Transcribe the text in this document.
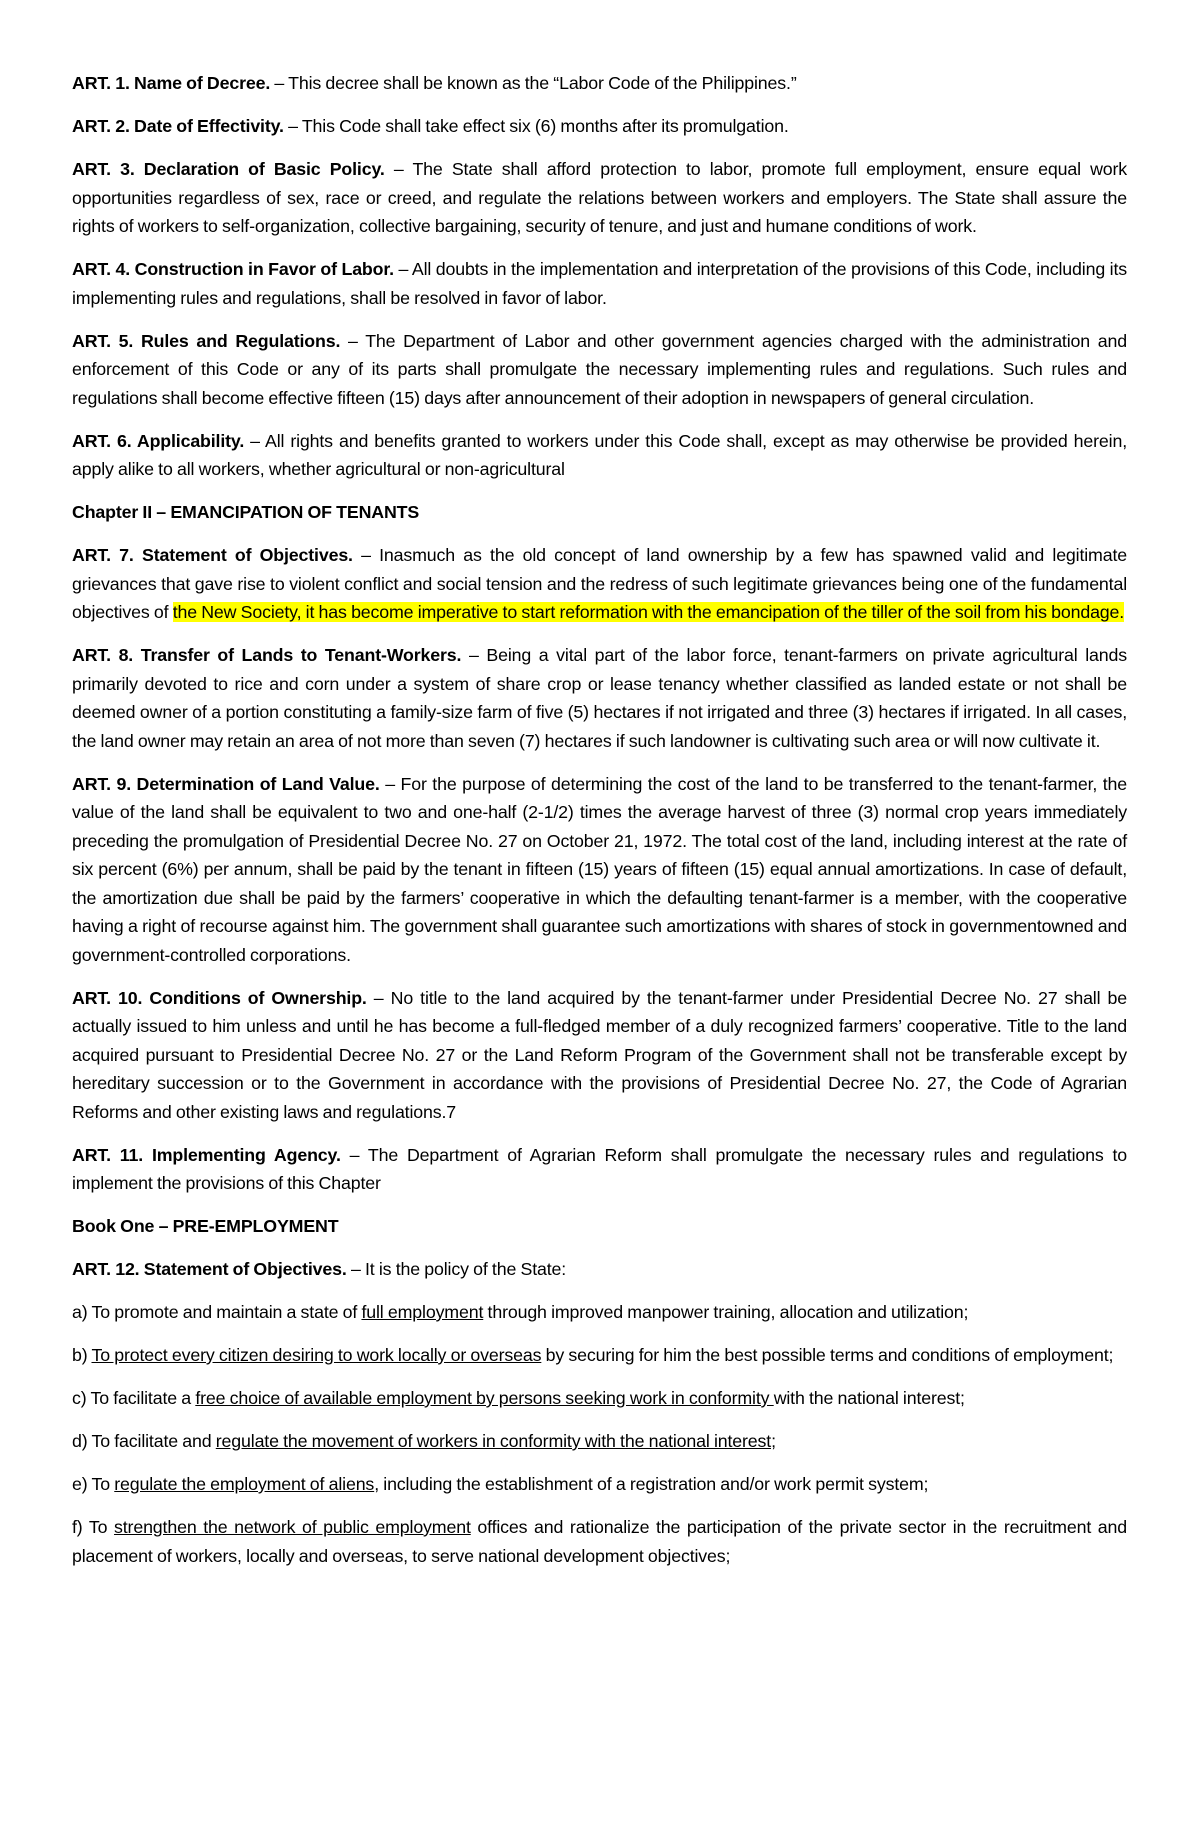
ART. 1. Name of Decree. – This decree shall be known as the “Labor Code of the Philippines.”

ART. 2. Date of Effectivity. – This Code shall take effect six (6) months after its promulgation.

ART. 3. Declaration of Basic Policy. – The State shall afford protection to labor, promote full employment, ensure equal work opportunities regardless of sex, race or creed, and regulate the relations between workers and employers. The State shall assure the rights of workers to self-organization, collective bargaining, security of tenure, and just and humane conditions of work.

ART. 4. Construction in Favor of Labor. – All doubts in the implementation and interpretation of the provisions of this Code, including its implementing rules and regulations, shall be resolved in favor of labor.

ART. 5. Rules and Regulations. – The Department of Labor and other government agencies charged with the administration and enforcement of this Code or any of its parts shall promulgate the necessary implementing rules and regulations. Such rules and regulations shall become effective fifteen (15) days after announcement of their adoption in newspapers of general circulation.

ART. 6. Applicability. – All rights and benefits granted to workers under this Code shall, except as may otherwise be provided herein, apply alike to all workers, whether agricultural or non-agricultural

Chapter II – EMANCIPATION OF TENANTS

ART. 7. Statement of Objectives. – Inasmuch as the old concept of land ownership by a few has spawned valid and legitimate grievances that gave rise to violent conflict and social tension and the redress of such legitimate grievances being one of the fundamental objectives of the New Society, it has become imperative to start reformation with the emancipation of the tiller of the soil from his bondage.

ART. 8. Transfer of Lands to Tenant-Workers. – Being a vital part of the labor force, tenant-farmers on private agricultural lands primarily devoted to rice and corn under a system of share crop or lease tenancy whether classified as landed estate or not shall be deemed owner of a portion constituting a family-size farm of five (5) hectares if not irrigated and three (3) hectares if irrigated. In all cases, the land owner may retain an area of not more than seven (7) hectares if such landowner is cultivating such area or will now cultivate it.

ART. 9. Determination of Land Value. – For the purpose of determining the cost of the land to be transferred to the tenant-farmer, the value of the land shall be equivalent to two and one-half (2-1/2) times the average harvest of three (3) normal crop years immediately preceding the promulgation of Presidential Decree No. 27 on October 21, 1972. The total cost of the land, including interest at the rate of six percent (6%) per annum, shall be paid by the tenant in fifteen (15) years of fifteen (15) equal annual amortizations. In case of default, the amortization due shall be paid by the farmers’ cooperative in which the defaulting tenant-farmer is a member, with the cooperative having a right of recourse against him. The government shall guarantee such amortizations with shares of stock in governmentowned and government-controlled corporations.

ART. 10. Conditions of Ownership. – No title to the land acquired by the tenant-farmer under Presidential Decree No. 27 shall be actually issued to him unless and until he has become a full-fledged member of a duly recognized farmers’ cooperative. Title to the land acquired pursuant to Presidential Decree No. 27 or the Land Reform Program of the Government shall not be transferable except by hereditary succession or to the Government in accordance with the provisions of Presidential Decree No. 27, the Code of Agrarian Reforms and other existing laws and regulations.7

ART. 11. Implementing Agency. – The Department of Agrarian Reform shall promulgate the necessary rules and regulations to implement the provisions of this Chapter

Book One – PRE-EMPLOYMENT

ART. 12. Statement of Objectives. – It is the policy of the State:

a) To promote and maintain a state of full employment through improved manpower training, allocation and utilization;

b) To protect every citizen desiring to work locally or overseas by securing for him the best possible terms and conditions of employment;

c) To facilitate a free choice of available employment by persons seeking work in conformity with the national interest;

d) To facilitate and regulate the movement of workers in conformity with the national interest;

e) To regulate the employment of aliens, including the establishment of a registration and/or work permit system;

f) To strengthen the network of public employment offices and rationalize the participation of the private sector in the recruitment and placement of workers, locally and overseas, to serve national development objectives;
